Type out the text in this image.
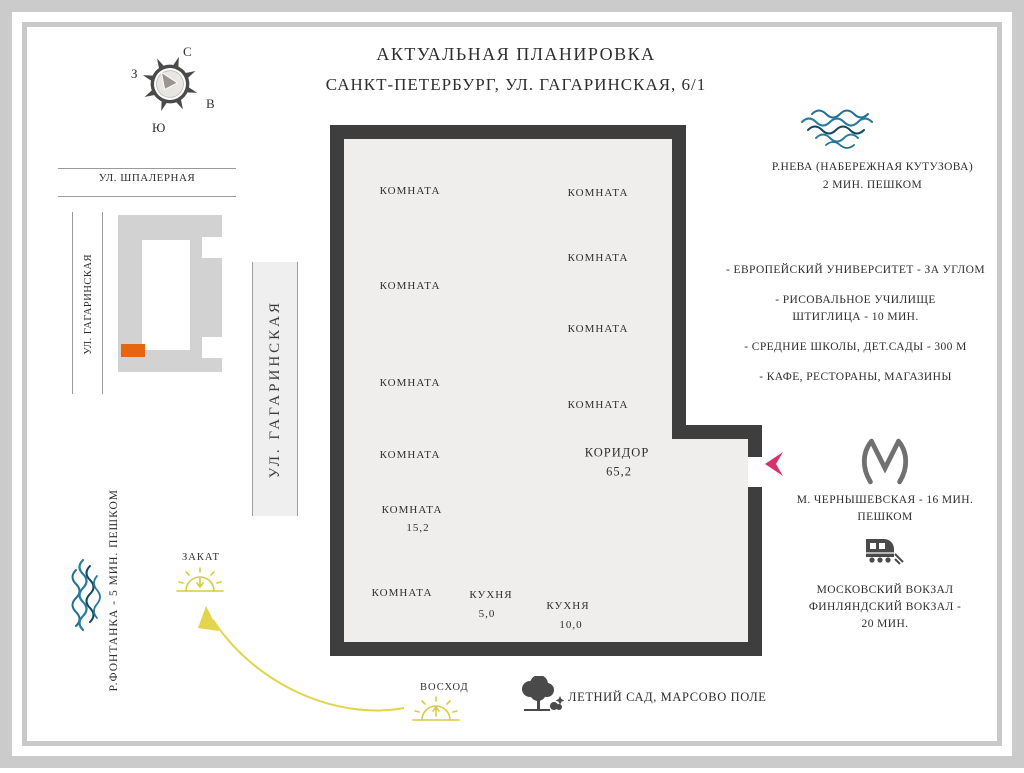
АКТУАЛЬНАЯ ПЛАНИРОВКА
САНКТ-ПЕТЕРБУРГ, УЛ. ГАГАРИНСКАЯ, 6/1
С
З
В
Ю
УЛ. ШПАЛЕРНАЯ
УЛ. ГАГАРИНСКАЯ	УЛ. ГАГАРИНСКАЯ
КОМНАТА
КОМНАТА
КОМНАТА
КОМНАТА
КОМНАТА
15,2
КОМНАТА
КОМНАТА
КОМНАТА
КОМНАТА
КОМНАТА
КОРИДОР
65,2
КУХНЯ
5,0
КУХНЯ
10,0
Р.НЕВА (НАБЕРЕЖНАЯ КУТУЗОВА)
2 МИН. ПЕШКОМ
- ЕВРОПЕЙСКИЙ УНИВЕРСИТЕТ - ЗА УГЛОМ
- РИСОВАЛЬНОЕ УЧИЛИЩЕ ШТИГЛИЦА - 10 МИН.
- СРЕДНИЕ ШКОЛЫ, ДЕТ.САДЫ - 300 М
- КАФЕ, РЕСТОРАНЫ, МАГАЗИНЫ
М. ЧЕРНЫШЕВСКАЯ - 16 МИН.
ПЕШКОМ
МОСКОВСКИЙ ВОКЗАЛ
ФИНЛЯНДСКИЙ ВОКЗАЛ -
20 МИН.
Р.ФОНТАНКА - 5 МИН. ПЕШКОМ	ЗАКАТ
ВОСХОД
ЛЕТНИЙ САД, МАРСОВО ПОЛЕ
